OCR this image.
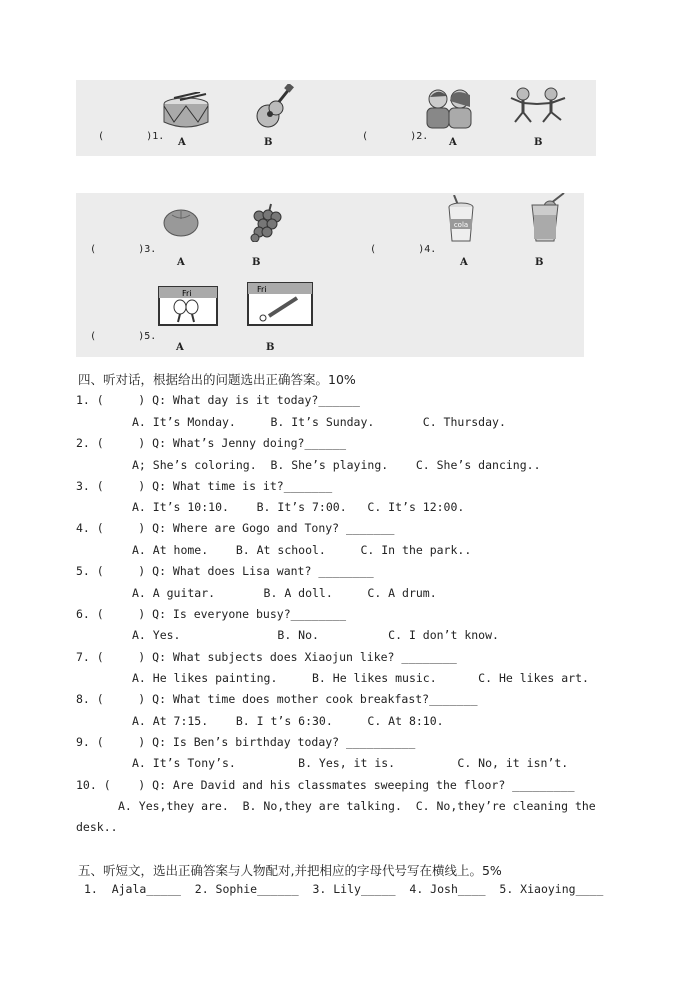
(       )1.	(       )2.

(       )3.	(       )4.

(       )5.

A	B	A	B
A	B	A	B
A	B
cola
Fri	Fri
四、听对话，根据给出的问题选出正确答案。10%
1. (     ) Q: What day is it today?______
A. It’s Monday.     B. It’s Sunday.       C. Thursday.
2. (     ) Q: What’s Jenny doing?______
A; She’s coloring.  B. She’s playing.    C. She’s dancing..
3. (     ) Q: What time is it?_______
A. It’s 10:10.    B. It’s 7:00.   C. It’s 12:00.
4. (     ) Q: Where are Gogo and Tony? _______
A. At home.    B. At school.     C. In the park..
5. (     ) Q: What does Lisa want? ________
A. A guitar.       B. A doll.     C. A drum.
6. (     ) Q: Is everyone busy?________
A. Yes.              B. No.          C. I don’t know.
7. (     ) Q: What subjects does Xiaojun like? ________
A. He likes painting.     B. He likes music.      C. He likes art.
8. (     ) Q: What time does mother cook breakfast?_______
A. At 7:15.    B. I t’s 6:30.     C. At 8:10.
9. (     ) Q: Is Ben’s birthday today? __________
A. It’s Tony’s.         B. Yes, it is.         C. No, it isn’t.
10. (    ) Q: Are David and his classmates sweeping the floor? _________
A. Yes,they are.  B. No,they are talking.  C. No,they’re cleaning the
desk..
五、听短文，选出正确答案与人物配对,并把相应的字母代号写在横线上。5%
1.  Ajala_____  2. Sophie______  3. Lily_____  4. Josh____  5. Xiaoying____
